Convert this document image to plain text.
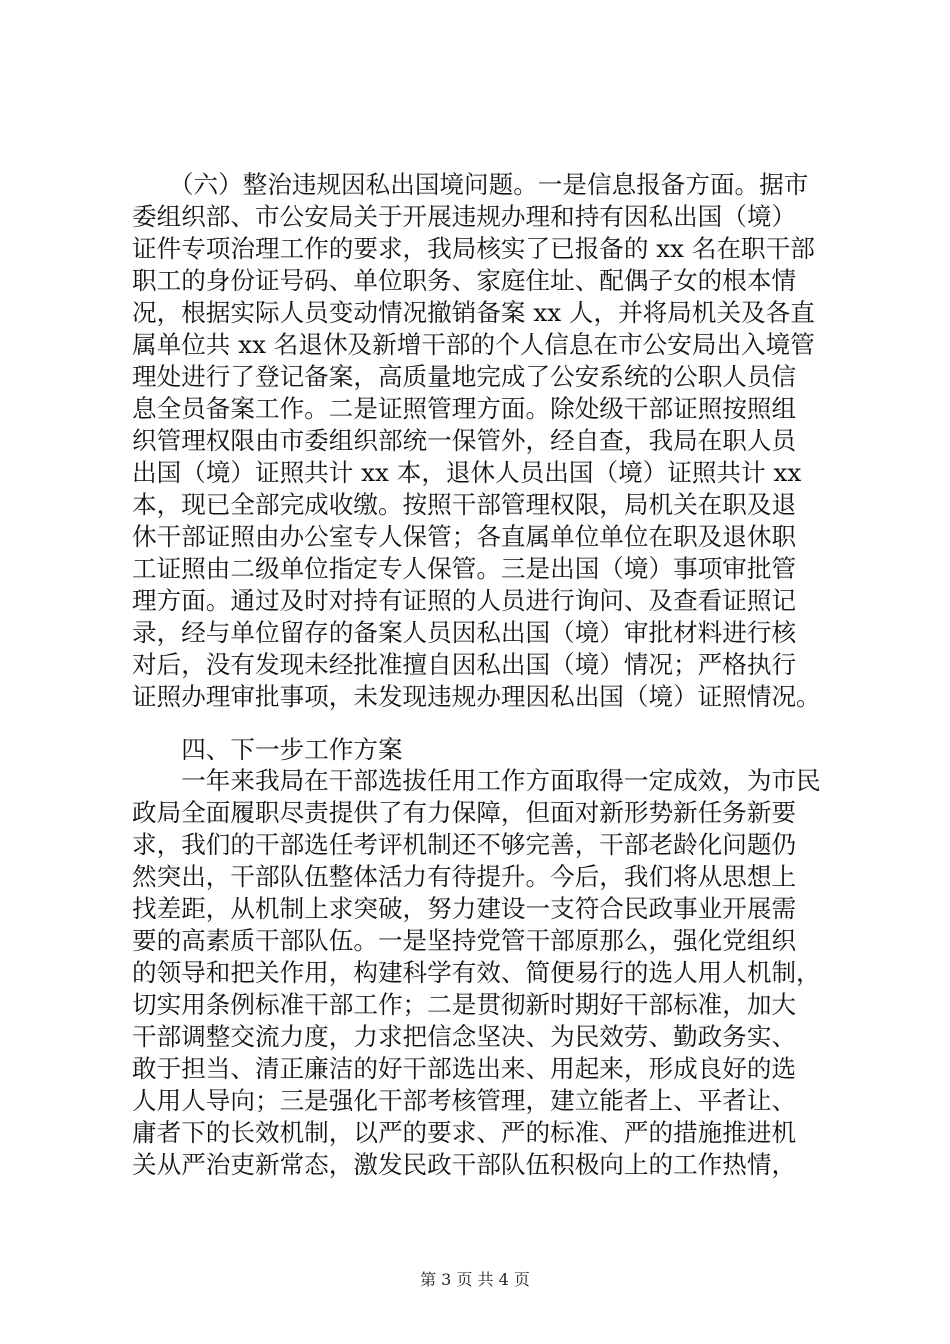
　　（六）整治违规因私出国境问题。一是信息报备方面。据市
委组织部、市公安局关于开展违规办理和持有因私出国（境）
证件专项治理工作的要求，我局核实了已报备的 xx 名在职干部
职工的身份证号码、单位职务、家庭住址、配偶子女的根本情
况，根据实际人员变动情况撤销备案 xx 人，并将局机关及各直
属单位共 xx 名退休及新增干部的个人信息在市公安局出入境管
理处进行了登记备案，高质量地完成了公安系统的公职人员信
息全员备案工作。二是证照管理方面。除处级干部证照按照组
织管理权限由市委组织部统一保管外，经自查，我局在职人员
出国（境）证照共计 xx 本，退休人员出国（境）证照共计 xx
本，现已全部完成收缴。按照干部管理权限，局机关在职及退
休干部证照由办公室专人保管；各直属单位单位在职及退休职
工证照由二级单位指定专人保管。三是出国（境）事项审批管
理方面。通过及时对持有证照的人员进行询问、及查看证照记
录，经与单位留存的备案人员因私出国（境）审批材料进行核
对后，没有发现未经批准擅自因私出国（境）情况；严格执行
证照办理审批事项，未发现违规办理因私出国（境）证照情况。
　　四、下一步工作方案
　　一年来我局在干部选拔任用工作方面取得一定成效，为市民
政局全面履职尽责提供了有力保障，但面对新形势新任务新要
求，我们的干部选任考评机制还不够完善，干部老龄化问题仍
然突出，干部队伍整体活力有待提升。今后，我们将从思想上
找差距，从机制上求突破，努力建设一支符合民政事业开展需
要的高素质干部队伍。一是坚持党管干部原那么，强化党组织
的领导和把关作用，构建科学有效、简便易行的选人用人机制，
切实用条例标准干部工作；二是贯彻新时期好干部标准，加大
干部调整交流力度，力求把信念坚决、为民效劳、勤政务实、
敢于担当、清正廉洁的好干部选出来、用起来，形成良好的选
人用人导向；三是强化干部考核管理，建立能者上、平者让、
庸者下的长效机制，以严的要求、严的标准、严的措施推进机
关从严治吏新常态，激发民政干部队伍积极向上的工作热情，
第 3 页 共 4 页
